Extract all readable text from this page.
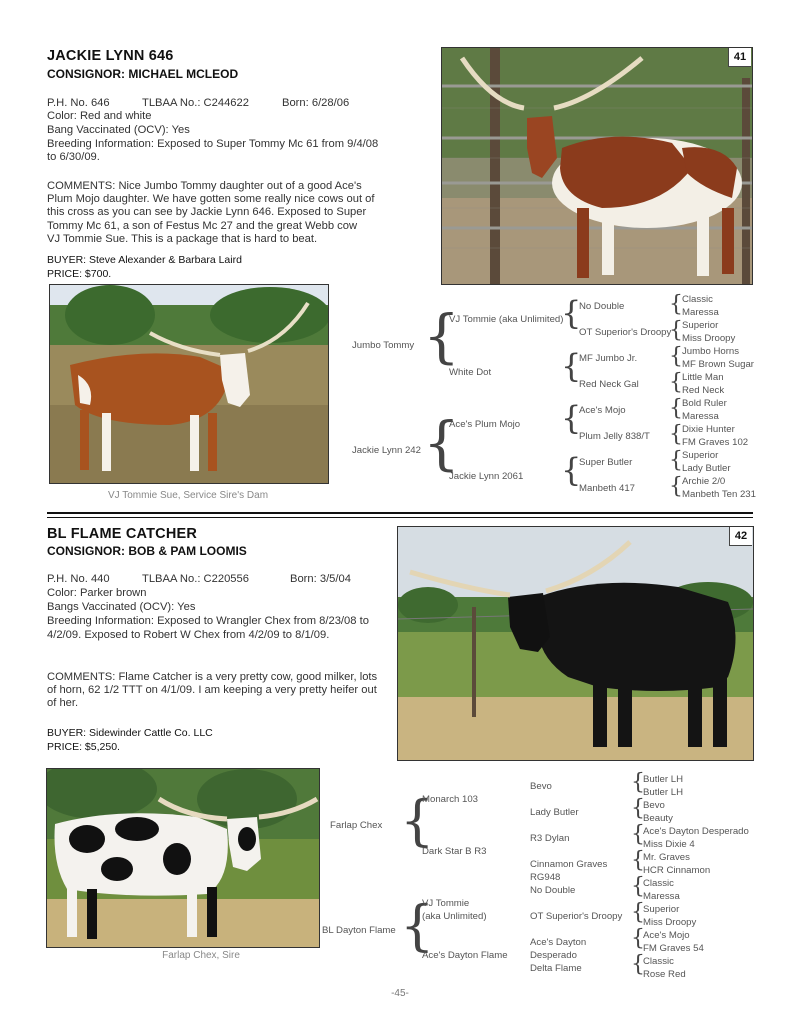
JACKIE LYNN 646
CONSIGNOR: MICHAEL MCLEOD
P.H. No. 646	TLBAA No.: C244622	Born: 6/28/06
Color: Red and white
Bang Vaccinated (OCV): Yes
Breeding Information: Exposed to Super Tommy Mc 61 from 9/4/08
to 6/30/09.
COMMENTS: Nice Jumbo Tommy daughter out of a good Ace's
Plum Mojo daughter. We have gotten some really nice cows out of
this cross as you can see by Jackie Lynn 646. Exposed to Super
Tommy Mc 61, a son of Festus Mc 27 and the great Webb cow
VJ Tommie Sue. This is a package that is hard to beat.
BUYER: Steve Alexander & Barbara Laird
PRICE: $700.
41
VJ Tommie Sue, Service Sire's Dam
Jumbo Tommy
Jackie Lynn 242
{
{
VJ Tommie (aka Unlimited)
White Dot
Ace's Plum Mojo
Jackie Lynn 2061
{
{
{
{
No Double
OT Superior's Droopy
MF Jumbo Jr.
Red Neck Gal
Ace's Mojo
Plum Jelly 838/T
Super Butler
Manbeth 417
{
{
{
{
{
{
{
{
Classic
Maressa
Superior
Miss Droopy
Jumbo Horns
MF Brown Sugar
Little Man
Red Neck
Bold Ruler
Maressa
Dixie Hunter
FM Graves 102
Superior
Lady Butler
Archie 2/0
Manbeth Ten 231
BL FLAME CATCHER
CONSIGNOR: BOB & PAM LOOMIS
P.H. No. 440	TLBAA No.: C220556	Born: 3/5/04
Color: Parker brown
Bangs Vaccinated (OCV): Yes
Breeding Information: Exposed to Wrangler Chex from 8/23/08 to
4/2/09. Exposed to Robert W Chex from 4/2/09 to 8/1/09.
COMMENTS: Flame Catcher is a very pretty cow, good milker, lots
of horn, 62 1/2 TTT on 4/1/09. I am keeping a very pretty heifer out
of her.
BUYER: Sidewinder Cattle Co. LLC
PRICE: $5,250.
42
Farlap Chex, Sire
Farlap Chex
BL Dayton Flame
{
{
Monarch 103
Dark Star B R3
VJ Tommie
(aka Unlimited)
Ace's Dayton Flame
Bevo
Lady Butler
R3 Dylan
Cinnamon Graves
RG948
No Double
OT Superior's Droopy
Ace's Dayton
Desperado
Delta Flame
{
{
{
{
{
{
{
{
Butler LH
Butler LH
Bevo
Beauty
Ace's Dayton Desperado
Miss Dixie 4
Mr. Graves
HCR Cinnamon
Classic
Maressa
Superior
Miss Droopy
Ace's Mojo
FM Graves 54
Classic
Rose Red
-45-
